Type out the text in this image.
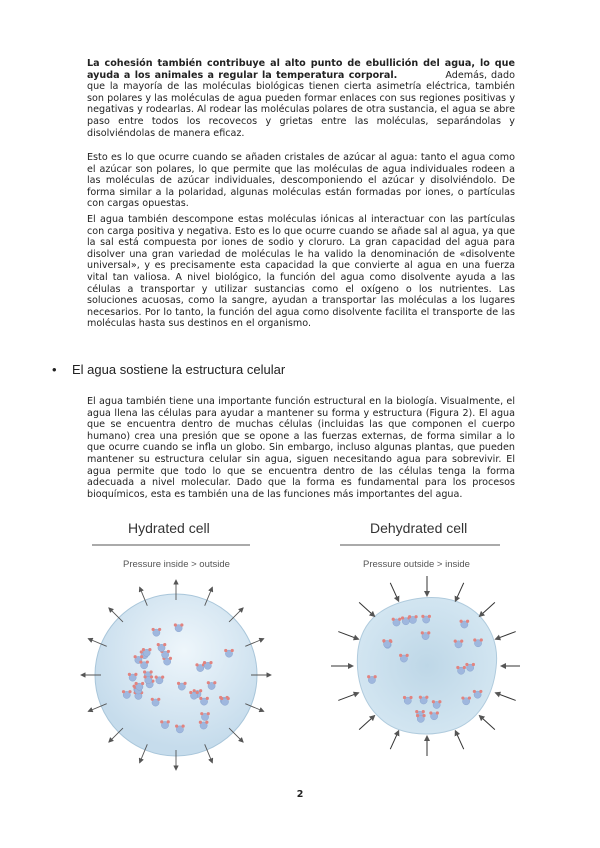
La cohesión también contribuye al alto punto de ebullición del agua, lo que ayuda a los animales a regular la temperatura corporal.	Además, dado que la mayoría de las moléculas biológicas tienen cierta asimetría eléctrica, también son polares y las moléculas de agua pueden formar enlaces con sus regiones positivas y negativas y rodearlas. Al rodear las moléculas polares de otra sustancia, el agua se abre paso entre todos los recovecos y grietas entre las moléculas, separándolas y disolviéndolas de manera eficaz.

Esto es lo que ocurre cuando se añaden cristales de azúcar al agua: tanto el agua como el azúcar son polares, lo que permite que las moléculas de agua individuales rodeen a las moléculas de azúcar individuales, descomponiendo el azúcar y disolviéndolo. De forma similar a la polaridad, algunas moléculas están formadas por iones, o partículas con cargas opuestas.

El agua también descompone estas moléculas iónicas al interactuar con las partículas con carga positiva y negativa. Esto es lo que ocurre cuando se añade sal al agua, ya que la sal está compuesta por iones de sodio y cloruro. La gran capacidad del agua para disolver una gran variedad de moléculas le ha valido la denominación de «disolvente universal», y es precisamente esta capacidad la que convierte al agua en una fuerza vital tan valiosa. A nivel biológico, la función del agua como disolvente ayuda a las células a transportar y utilizar sustancias como el oxígeno o los nutrientes. Las soluciones acuosas, como la sangre, ayudan a transportar las moléculas a los lugares necesarios. Por lo tanto, la función del agua como disolvente facilita el transporte de las moléculas hasta sus destinos en el organismo.

• El agua sostiene la estructura celular

El agua también tiene una importante función estructural en la biología. Visualmente, el agua llena las células para ayudar a mantener su forma y estructura (Figura 2). El agua que se encuentra dentro de muchas células (incluidas las que componen el cuerpo humano) crea una presión que se opone a las fuerzas externas, de forma similar a lo que ocurre cuando se infla un globo. Sin embargo, incluso algunas plantas, que pueden mantener su estructura celular sin agua, siguen necesitando agua para sobrevivir. El agua permite que todo lo que se encuentra dentro de las células tenga la forma adecuada a nivel molecular. Dado que la forma es fundamental para los procesos bioquímicos, esta es también una de las funciones más importantes del agua.

Hydrated cell
Pressure inside > outside
Dehydrated cell
Pressure outside > inside
2
